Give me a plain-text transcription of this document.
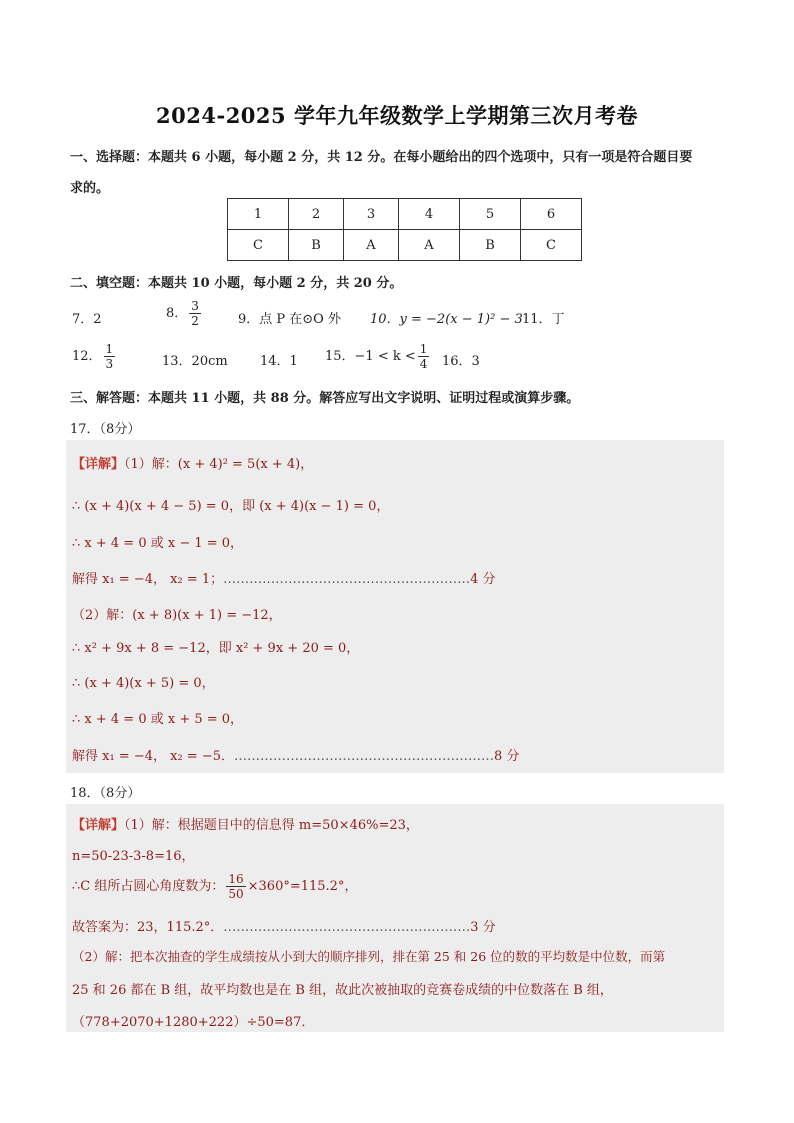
2024-2025 学年九年级数学上学期第三次月考卷
一、选择题：本题共 6 小题，每小题 2 分，共 12 分。在每小题给出的四个选项中，只有一项是符合题目要
求的。
1	2	3	4	5	6
C	B	A	A	B	C
二、填空题：本题共 10 小题，每小题 2 分，共 20 分。
7．2	8． $\frac{3}{2}$	9．点 P 在⊙O 外 10．y = −2(x − 1)² − 3 11．丁
12． $\frac{1}{3}$	13．20cm 14．1 15．$-1 < k < \frac{1}{4} 16$．3
三、解答题：本题共 11 小题，共 88 分。解答应写出文字说明、证明过程或演算步骤。
17．（8分）
【详解】（1）解：(x + 4)² = 5(x + 4)，
∴ (x + 4)(x + 4 − 5) = 0，即 (x + 4)(x − 1) = 0，
∴ x + 4 = 0 或 x − 1 = 0，
解得 x₁ = −4， x₂ = 1；…………………………………………………4 分
（2）解：(x + 8)(x + 1) = −12，
∴ x² + 9x + 8 = −12，即 x² + 9x + 20 = 0，
∴ (x + 4)(x + 5) = 0，
∴ x + 4 = 0 或 x + 5 = 0，
解得 x₁ = −4， x₂ = −5．……………………………………………………8 分
18．（8分）
【详解】（1）解：根据题目中的信息得 m=50×46%=23，
n=50-23-3-8=16，
∴C 组所占圆心角度数为： $\frac{16}{50} \times 360^\circ=115.2^\circ$，
故答案为：23，115.2°．…………………………………………………3 分
（2）解：把本次抽查的学生成绩按从小到大的顺序排列，排在第 25 和 26 位的数的平均数是中位数，而第
25 和 26 都在 B 组，故平均数也是在 B 组，故此次被抽取的竞赛卷成绩的中位数落在 B 组，
（778+2070+1280+222）÷50=87．
